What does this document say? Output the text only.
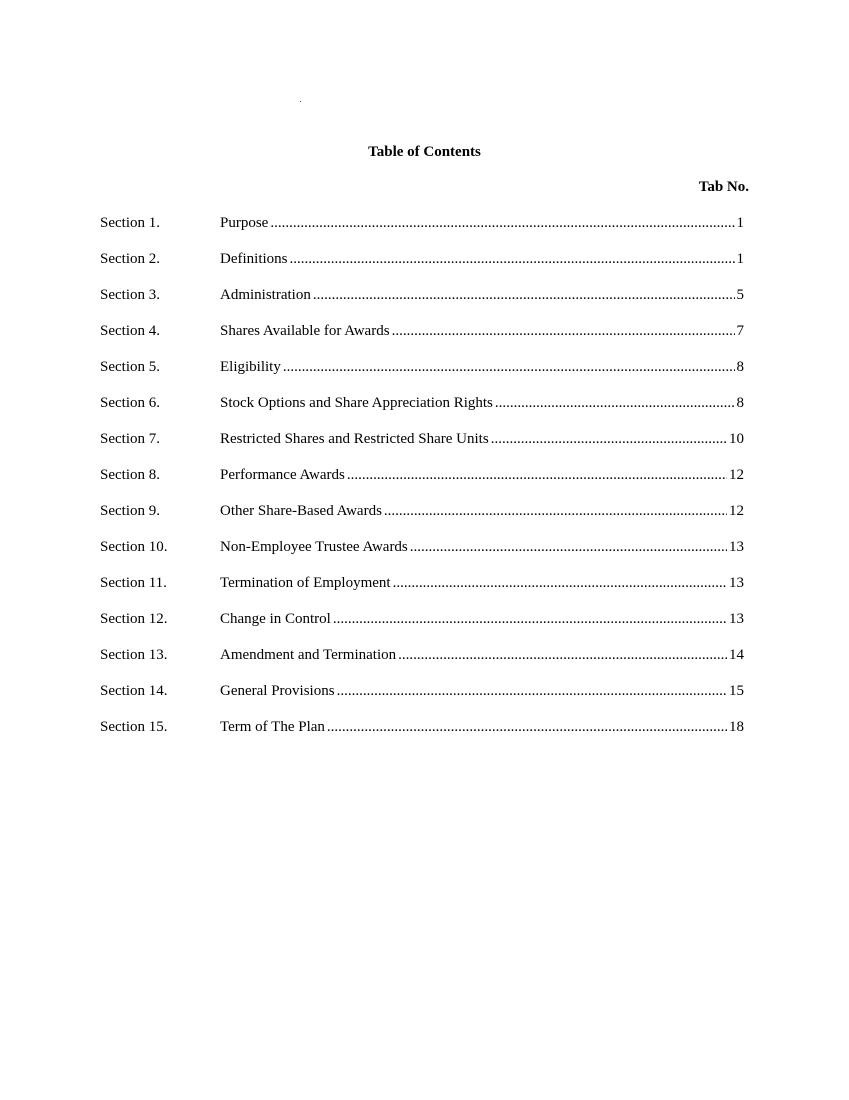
Table of Contents
Tab No.
Section 1.	Purpose .....	1
Section 2.	Definitions .....	1
Section 3.	Administration .....	5
Section 4.	Shares Available for Awards .....	7
Section 5.	Eligibility .....	8
Section 6.	Stock Options and Share Appreciation Rights .....	8
Section 7.	Restricted Shares and Restricted Share Units .....	10
Section 8.	Performance Awards .....	12
Section 9.	Other Share-Based Awards .....	12
Section 10.	Non-Employee Trustee Awards .....	13
Section 11.	Termination of Employment .....	13
Section 12.	Change in Control .....	13
Section 13.	Amendment and Termination .....	14
Section 14.	General Provisions .....	15
Section 15.	Term of The Plan .....	18
